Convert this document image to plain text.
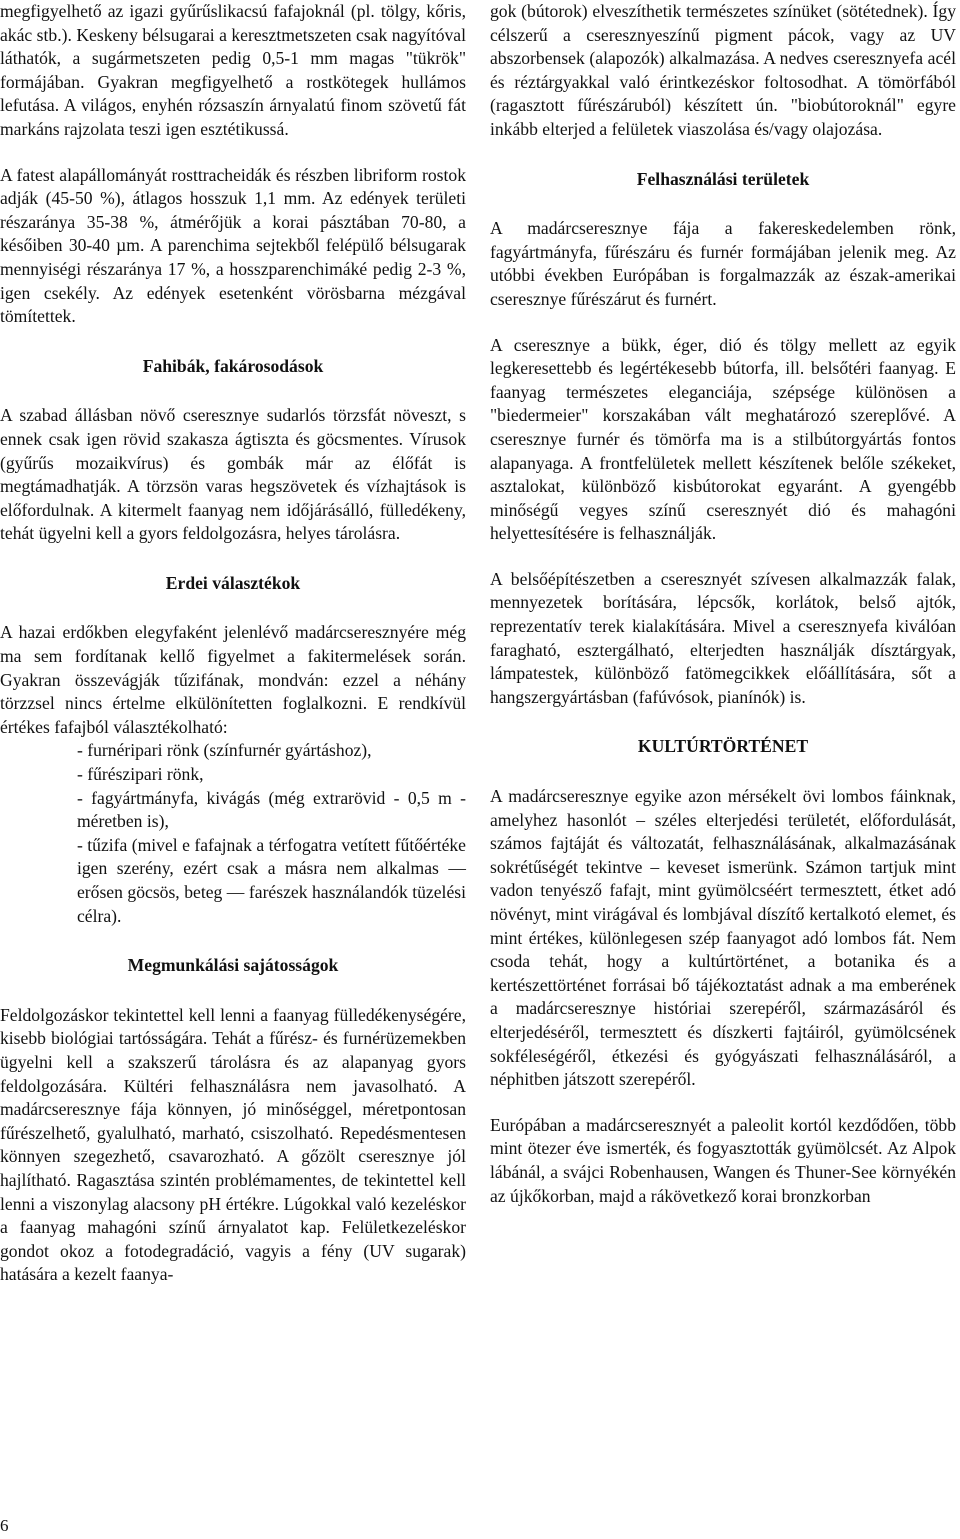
megfigyelhető az igazi gyűrűslikacsú fafajoknál (pl. tölgy, kőris, akác stb.). Keskeny bélsugarai a keresztmetszeten csak nagyítóval láthatók, a sugármetszeten pedig 0,5-1 mm magas "tükrök" formájában. Gyakran megfigyelhető a rostkötegek hullámos lefutása. A világos, enyhén rózsaszín árnyalatú finom szövetű fát markáns rajzolata teszi igen esztétikussá.

A fatest alapállományát rosttracheidák és részben libriform rostok adják (45-50 %), átlagos hosszuk 1,1 mm. Az edények területi részaránya 35-38 %, átmérőjük a korai pásztában 70-80, a későiben 30-40 µm. A parenchima sejtekből felépülő bélsugarak mennyiségi részaránya 17 %, a hosszparenchimáké pedig 2-3 %, igen csekély. Az edények esetenként vörösbarna mézgával tömítettek.

Fahibák, fakárosodások

A szabad állásban növő cseresznye sudarlós törzsfát növeszt, s ennek csak igen rövid szakasza ágtiszta és göcsmentes. Vírusok (gyűrűs mozaikvírus) és gombák már az élőfát is megtámadhatják. A törzsön varas hegszövetek és vízhajtások is előfordulnak. A kitermelt faanyag nem időjárásálló, fülledékeny, tehát ügyelni kell a gyors feldolgozásra, helyes tárolásra.

Erdei választékok

A hazai erdőkben elegyfaként jelenlévő madárcseresznyére még ma sem fordítanak kellő figyelmet a fakitermelések során. Gyakran összevágják tűzifának, mondván: ezzel a néhány törzzsel nincs értelme elkülönítetten foglalkozni. E rendkívül értékes fafajból választékolható:

- furnéripari rönk (színfurnér gyártáshoz),
- fűrészipari rönk,
- fagyártmányfa, kivágás (még extrarövid - 0,5 m - méretben is),
- tűzifa (mivel e fafajnak a térfogatra vetített fűtőértéke igen szerény, ezért csak a másra nem alkalmas — erősen göcsös, beteg — farészek használandók tüzelési célra).
Megmunkálási sajátosságok

Feldolgozáskor tekintettel kell lenni a faanyag fülledékenységére, kisebb biológiai tartósságára. Tehát a fűrész- és furnérüzemekben ügyelni kell a szakszerű tárolásra és az alapanyag gyors feldolgozására. Kültéri felhasználásra nem javasolható. A madárcseresznye fája könnyen, jó minőséggel, méretpontosan fűrészelhető, gyalulható, marható, csiszolható. Repedésmentesen könnyen szegezhető, csavarozható. A gőzölt cseresznye jól hajlítható. Ragasztása szintén problémamentes, de tekintettel kell lenni a viszonylag alacsony pH értékre. Lúgokkal való kezeléskor a faanyag mahagóni színű árnyalatot kap. Felületkezeléskor gondot okoz a fotodegradáció, vagyis a fény (UV sugarak) hatására a kezelt faanya-

gok (bútorok) elveszíthetik természetes színüket (sötétednek). Így célszerű a cseresznyeszínű pigment pácok, vagy az UV abszorbensek (alapozók) alkalmazása. A nedves cseresznyefa acél és réztárgyakkal való érintkezéskor foltosodhat. A tömörfából (ragasztott fűrészáruból) készített ún. "biobútoroknál" egyre inkább elterjed a felületek viaszolása és/vagy olajozása.

Felhasználási területek

A madárcseresznye fája a fakereskedelemben rönk, fagyártmányfa, fűrészáru és furnér formájában jelenik meg. Az utóbbi években Európában is forgalmazzák az észak-amerikai cseresznye fűrészárut és furnért.

A cseresznye a bükk, éger, dió és tölgy mellett az egyik legkeresettebb és legértékesebb bútorfa, ill. belsőtéri faanyag. E faanyag természetes eleganciája, szépsége különösen a "biedermeier" korszakában vált meghatározó szereplővé. A cseresznye furnér és tömörfa ma is a stilbútorgyártás fontos alapanyaga. A frontfelületek mellett készítenek belőle székeket, asztalokat, különböző kisbútorokat egyaránt. A gyengébb minőségű vegyes színű cseresznyét dió és mahagóni helyettesítésére is felhasználják.

A belsőépítészetben a cseresznyét szívesen alkalmazzák falak, mennyezetek borítására, lépcsők, korlátok, belső ajtók, reprezentatív terek kialakítására. Mivel a cseresznyefa kiválóan faragható, esztergálható, elterjedten használják dísztárgyak, lámpatestek, különböző fatömegcikkek előállítására, sőt a hangszergyártásban (fafúvósok, pianínók) is.

KULTÚRTÖRTÉNET

A madárcseresznye egyike azon mérsékelt övi lombos fáinknak, amelyhez hasonlót – széles elterjedési területét, előfordulását, számos fajtáját és változatát, felhasználásának, alkalmazásának sokrétűségét tekintve – keveset ismerünk. Számon tartjuk mint vadon tenyésző fafajt, mint gyümölcséért termesztett, étket adó növényt, mint virágával és lombjával díszítő kertalkotó elemet, és mint értékes, különlegesen szép faanyagot adó lombos fát. Nem csoda tehát, hogy a kultúrtörténet, a botanika és a kertészettörténet forrásai bő tájékoztatást adnak a ma emberének a madárcseresznye históriai szerepéről, származásáról és elterjedéséről, termesztett és díszkerti fajtáiról, gyümölcsének sokféleségéről, étkezési és gyógyászati felhasználásáról, a néphitben játszott szerepéről.

Európában a madárcseresznyét a paleolit kortól kezdődően, több mint ötezer éve ismerték, és fogyasztották gyümölcsét. Az Alpok lábánál, a svájci Robenhausen, Wangen és Thuner-See környékén az újkőkorban, majd a rákövetkező korai bronzkorban

6
